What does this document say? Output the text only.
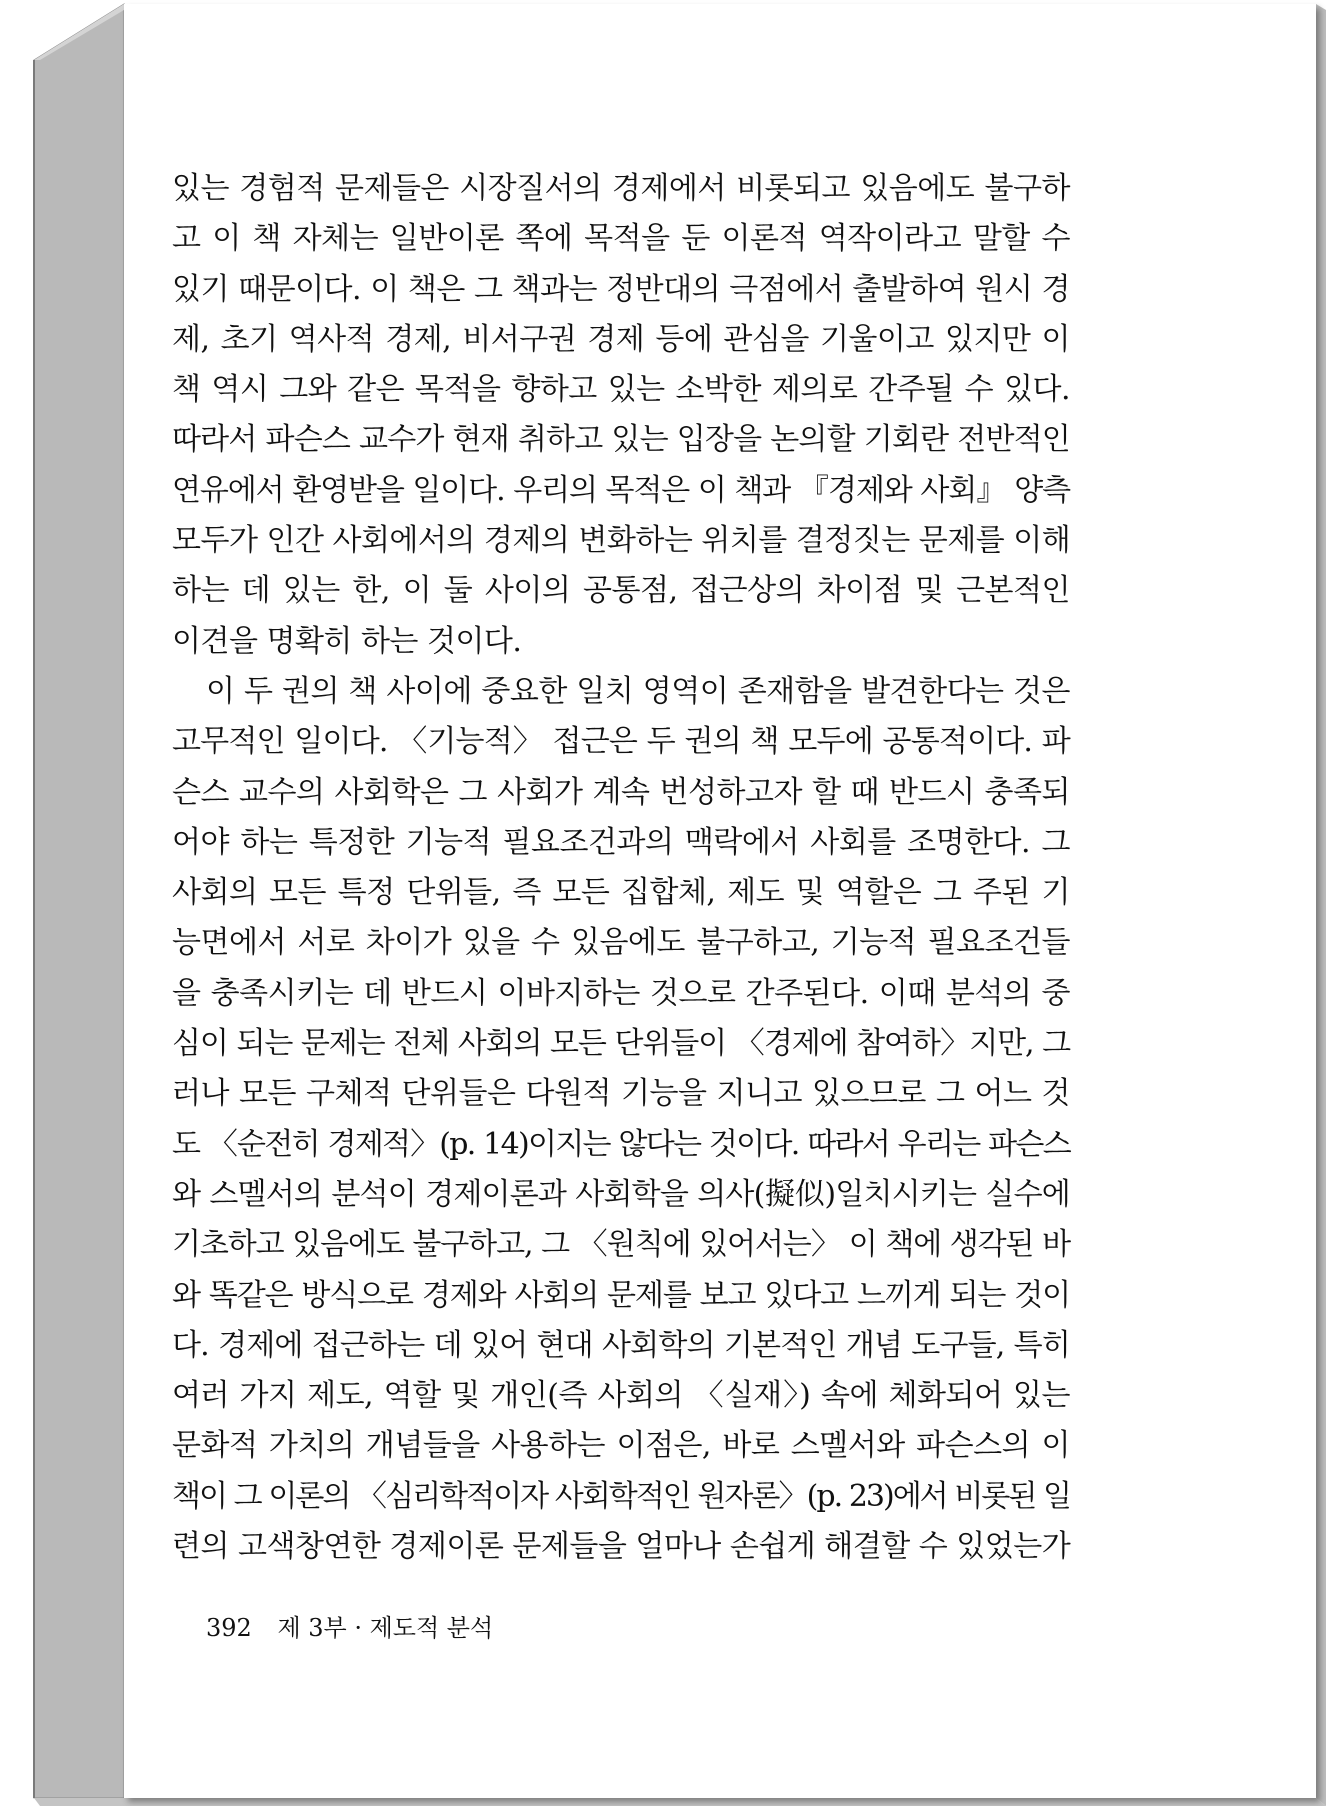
있는 경험적 문제들은 시장질서의 경제에서 비롯되고 있음에도 불구하
고 이 책 자체는 일반이론 쪽에 목적을 둔 이론적 역작이라고 말할 수
있기 때문이다. 이 책은 그 책과는 정반대의 극점에서 출발하여 원시 경
제, 초기 역사적 경제, 비서구권 경제 등에 관심을 기울이고 있지만 이
책 역시 그와 같은 목적을 향하고 있는 소박한 제의로 간주될 수 있다.
따라서 파슨스 교수가 현재 취하고 있는 입장을 논의할 기회란 전반적인
연유에서 환영받을 일이다. 우리의 목적은 이 책과 『경제와 사회』 양측
모두가 인간 사회에서의 경제의 변화하는 위치를 결정짓는 문제를 이해
하는 데 있는 한, 이 둘 사이의 공통점, 접근상의 차이점 및 근본적인
이견을 명확히 하는 것이다.
이 두 권의 책 사이에 중요한 일치 영역이 존재함을 발견한다는 것은
고무적인 일이다. 〈기능적〉 접근은 두 권의 책 모두에 공통적이다. 파
슨스 교수의 사회학은 그 사회가 계속 번성하고자 할 때 반드시 충족되
어야 하는 특정한 기능적 필요조건과의 맥락에서 사회를 조명한다. 그
사회의 모든 특정 단위들, 즉 모든 집합체, 제도 및 역할은 그 주된 기
능면에서 서로 차이가 있을 수 있음에도 불구하고, 기능적 필요조건들
을 충족시키는 데 반드시 이바지하는 것으로 간주된다. 이때 분석의 중
심이 되는 문제는 전체 사회의 모든 단위들이 〈경제에 참여하〉지만, 그
러나 모든 구체적 단위들은 다원적 기능을 지니고 있으므로 그 어느 것
도 〈순전히 경제적〉(p. 14)이지는 않다는 것이다. 따라서 우리는 파슨스
와 스멜서의 분석이 경제이론과 사회학을 의사(擬似)일치시키는 실수에
기초하고 있음에도 불구하고, 그 〈원칙에 있어서는〉 이 책에 생각된 바
와 똑같은 방식으로 경제와 사회의 문제를 보고 있다고 느끼게 되는 것이
다. 경제에 접근하는 데 있어 현대 사회학의 기본적인 개념 도구들, 특히
여러 가지 제도, 역할 및 개인(즉 사회의 〈실재〉) 속에 체화되어 있는
문화적 가치의 개념들을 사용하는 이점은, 바로 스멜서와 파슨스의 이
책이 그 이론의 〈심리학적이자 사회학적인 원자론〉(p. 23)에서 비롯된 일
련의 고색창연한 경제이론 문제들을 얼마나 손쉽게 해결할 수 있었는가
392 제 3부 · 제도적 분석
